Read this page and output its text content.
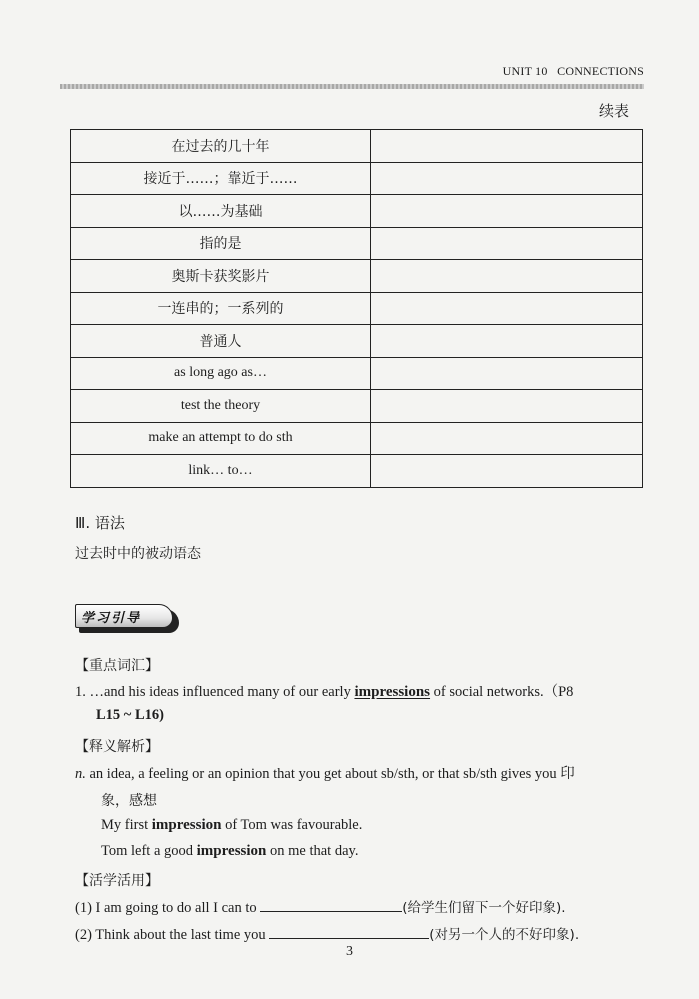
UNIT 10 CONNECTIONS
续表
在过去的几十年	
接近于……；靠近于……	
以……为基础	
指的是	
奥斯卡获奖影片	
一连串的；一系列的	
普通人	
as long ago as…	
test the theory	
make an attempt to do sth	
link… to…	
Ⅲ. 语法
过去时中的被动语态
学习引导
【重点词汇】
1. …and his ideas influenced many of our early impressions of social networks.（P8
L15 ~ L16)
【释义解析】
n. an idea, a feeling or an opinion that you get about sb/sth, or that sb/sth gives you 印
象，感想
My first impression of Tom was favourable.
Tom left a good impression on me that day.
【活学活用】
(1) I am going to do all I can to	(给学生们留下一个好印象).
(2) Think about the last time you	(对另一个人的不好印象).
3
